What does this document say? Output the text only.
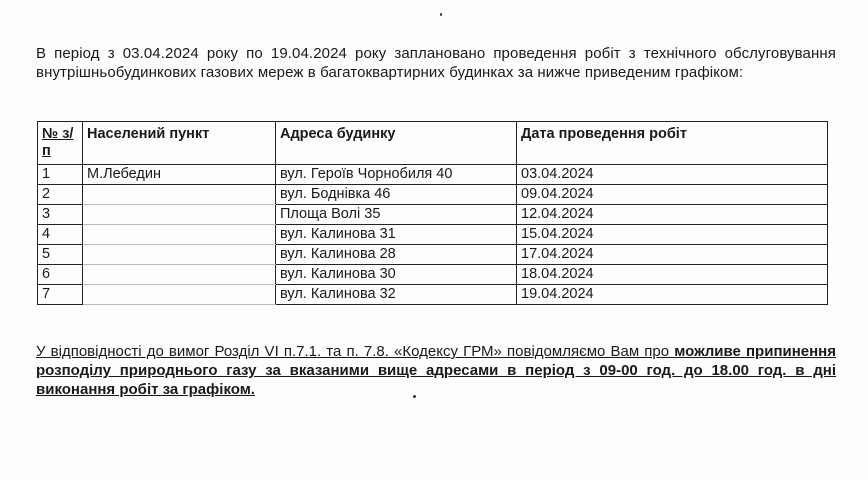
В період з 03.04.2024 року по 19.04.2024 року заплановано проведення робіт з технічного обслуговування внутрішньобудинкових газових мереж в багатоквартирних будинках за нижче приведеним графіком:

№ з/п	Населений пункт	Адреса будинку	Дата проведення робіт
1	М.Лебедин	вул. Героїв Чорнобиля 40	03.04.2024
2		вул. Боднівка 46	09.04.2024
3		Площа Волі 35	12.04.2024
4		вул. Калинова 31	15.04.2024
5		вул. Калинова 28	17.04.2024
6		вул. Калинова 30	18.04.2024
7		вул. Калинова 32	19.04.2024

У відповідності до вимог Розділ VI п.7.1. та п. 7.8. «Кодексу ГРМ» повідомляємо Вам про можливе припинення розподілу природнього газу за вказаними вище адресами в період з 09-00 год. до 18.00 год. в дні виконання робіт за графіком.
